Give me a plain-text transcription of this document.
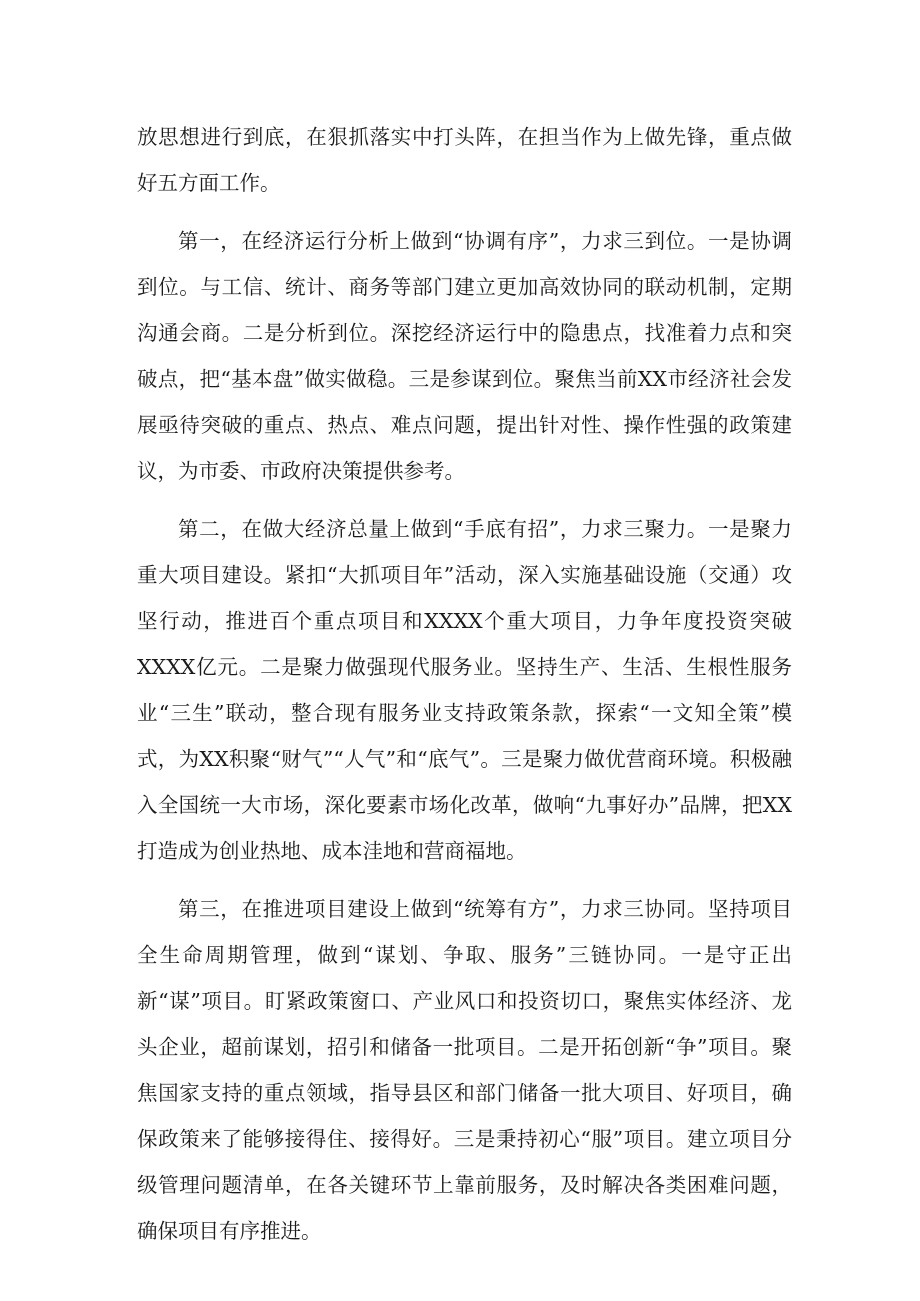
放思想进行到底，在狠抓落实中打头阵，在担当作为上做先锋，重点做好五方面工作。

第一，在经济运行分析上做到“协调有序”，力求三到位。一是协调到位。与工信、统计、商务等部门建立更加高效协同的联动机制，定期沟通会商。二是分析到位。深挖经济运行中的隐患点，找准着力点和突破点，把“基本盘”做实做稳。三是参谋到位。聚焦当前XX市经济社会发展亟待突破的重点、热点、难点问题，提出针对性、操作性强的政策建议，为市委、市政府决策提供参考。

第二，在做大经济总量上做到“手底有招”，力求三聚力。一是聚力重大项目建设。紧扣“大抓项目年”活动，深入实施基础设施（交通）攻坚行动，推进百个重点项目和XXXX个重大项目，力争年度投资突破XXXX亿元。二是聚力做强现代服务业。坚持生产、生活、生根性服务业“三生”联动，整合现有服务业支持政策条款，探索“一文知全策”模式，为XX积聚“财气”“人气”和“底气”。三是聚力做优营商环境。积极融入全国统一大市场，深化要素市场化改革，做响“九事好办”品牌，把XX打造成为创业热地、成本洼地和营商福地。

第三，在推进项目建设上做到“统筹有方”，力求三协同。坚持项目全生命周期管理，做到“谋划、争取、服务”三链协同。一是守正出新“谋”项目。盯紧政策窗口、产业风口和投资切口，聚焦实体经济、龙头企业，超前谋划，招引和储备一批项目。二是开拓创新“争”项目。聚焦国家支持的重点领域，指导县区和部门储备一批大项目、好项目，确保政策来了能够接得住、接得好。三是秉持初心“服”项目。建立项目分级管理问题清单，在各关键环节上靠前服务，及时解决各类困难问题，确保项目有序推进。
